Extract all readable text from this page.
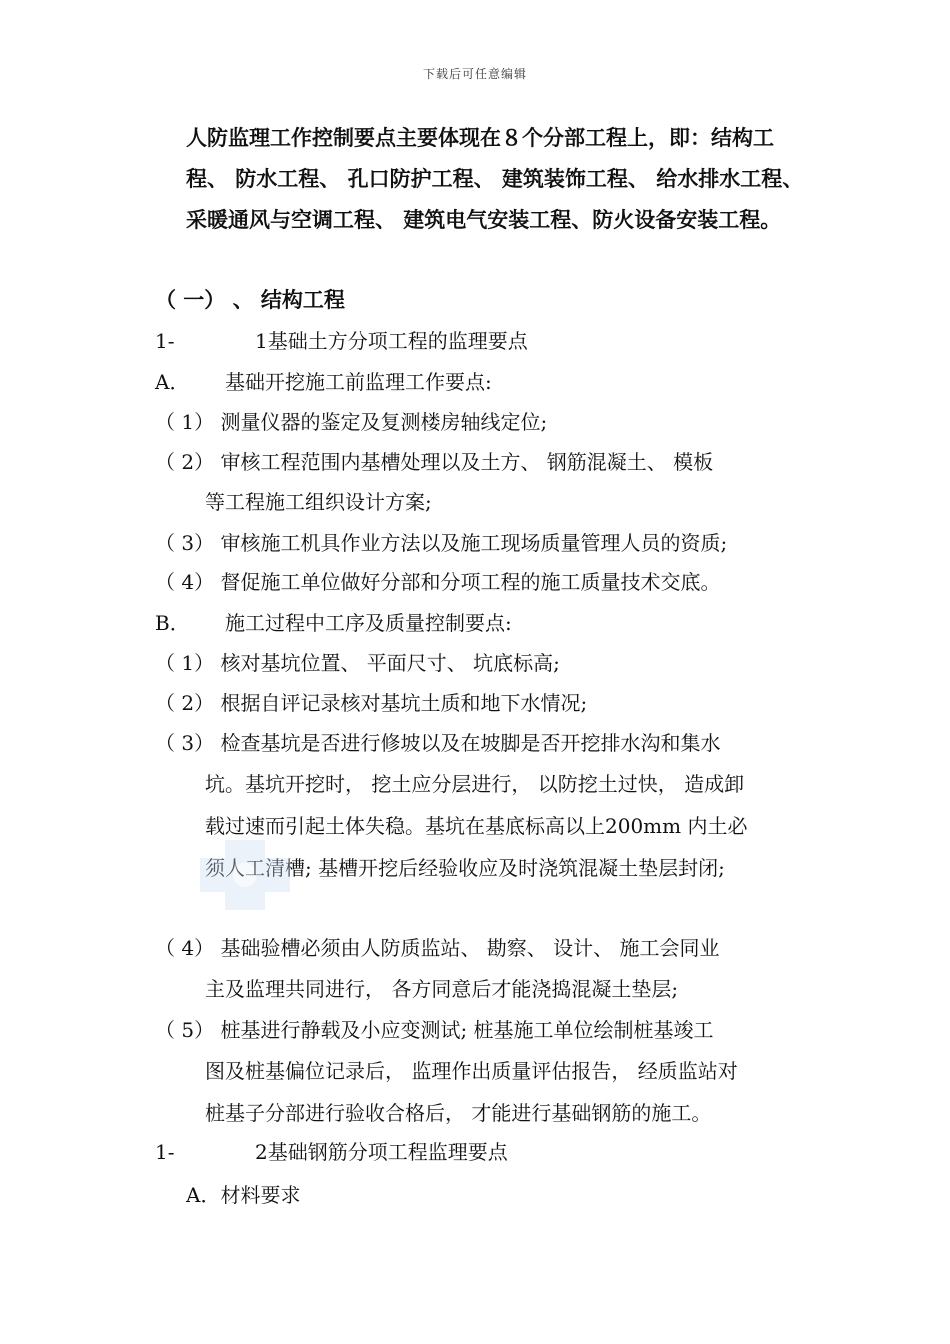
下载后可任意编辑

人防监理工作控制要点主要体现在８个分部工程上，即：结构工程、 防水工程、 孔口防护工程、 建筑装饰工程、 给水排水工程、 采暖通风与空调工程、 建筑电气安装工程、防火设备安装工程。

（ 一） 、 结构工程
1-	1基础土方分项工程的监理要点
A． 基础开挖施工前监理工作要点:
（ 1） 测量仪器的鉴定及复测楼房轴线定位;
（ 2） 审核工程范围内基槽处理以及土方、 钢筋混凝土、 模板
等工程施工组织设计方案;
（ 3） 审核施工机具作业方法以及施工现场质量管理人员的资质;
（ 4） 督促施工单位做好分部和分项工程的施工质量技术交底。
B． 施工过程中工序及质量控制要点:
（ 1） 核对基坑位置、 平面尺寸、 坑底标高;
（ 2） 根据自评记录核对基坑土质和地下水情况;
（ 3） 检查基坑是否进行修坡以及在坡脚是否开挖排水沟和集水
坑。基坑开挖时， 挖土应分层进行， 以防挖土过快， 造成卸
载过速而引起土体失稳。基坑在基底标高以上200mm 内土必
须人工清槽; 基槽开挖后经验收应及时浇筑混凝土垫层封闭;
（ 4） 基础验槽必须由人防质监站、 勘察、 设计、 施工会同业
主及监理共同进行， 各方同意后才能浇捣混凝土垫层;
（ 5） 桩基进行静载及小应变测试; 桩基施工单位绘制桩基竣工
图及桩基偏位记录后， 监理作出质量评估报告， 经质监站对
桩基子分部进行验收合格后， 才能进行基础钢筋的施工。
1-	2基础钢筋分项工程监理要点
A．材料要求
